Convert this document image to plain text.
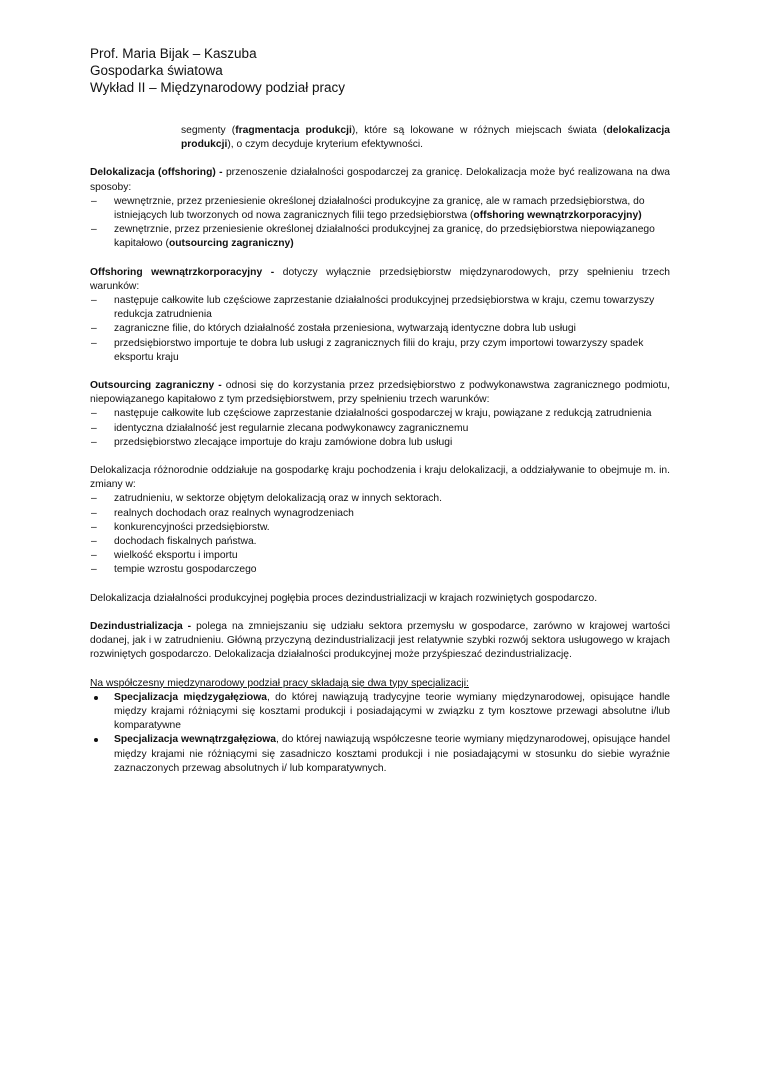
Prof. Maria Bijak – Kaszuba
Gospodarka światowa
Wykład II – Międzynarodowy podział pracy

segmenty (fragmentacja produkcji), które są lokowane w różnych miejscach świata (delokalizacja produkcji), o czym decyduje kryterium efektywności.

Delokalizacja (offshoring) - przenoszenie działalności gospodarczej za granicę. Delokalizacja może być realizowana na dwa sposoby:

– wewnętrznie, przez przeniesienie określonej działalności produkcyjne za granicę, ale w ramach przedsiębiorstwa, do istniejących lub tworzonych od nowa zagranicznych filii tego przedsiębiorstwa (offshoring wewnątrzkorporacyjny)
– zewnętrznie, przez przeniesienie określonej działalności produkcyjnej za granicę, do przedsiębiorstwa niepowiązanego kapitałowo (outsourcing zagraniczny)

Offshoring wewnątrzkorporacyjny - dotyczy wyłącznie przedsiębiorstw międzynarodowych, przy spełnieniu trzech warunków:

– następuje całkowite lub częściowe zaprzestanie działalności produkcyjnej przedsiębiorstwa w kraju, czemu towarzyszy redukcja zatrudnienia
– zagraniczne filie, do których działalność została przeniesiona, wytwarzają identyczne dobra lub usługi
– przedsiębiorstwo importuje te dobra lub usługi z zagranicznych filii do kraju, przy czym importowi towarzyszy spadek eksportu kraju

Outsourcing zagraniczny - odnosi się do korzystania przez przedsiębiorstwo z podwykonawstwa zagranicznego podmiotu, niepowiązanego kapitałowo z tym przedsiębiorstwem, przy spełnieniu trzech warunków:

– następuje całkowite lub częściowe zaprzestanie działalności gospodarczej w kraju, powiązane z redukcją zatrudnienia
– identyczna działalność jest regularnie zlecana podwykonawcy zagranicznemu
– przedsiębiorstwo zlecające importuje do kraju zamówione dobra lub usługi

Delokalizacja różnorodnie oddziałuje na gospodarkę kraju pochodzenia i kraju delokalizacji, a oddziaływanie to obejmuje m. in. zmiany w:

– zatrudnieniu, w sektorze objętym delokalizacją oraz w innych sektorach.
– realnych dochodach oraz realnych wynagrodzeniach
– konkurencyjności przedsiębiorstw.
– dochodach fiskalnych państwa.
– wielkość eksportu i importu
– tempie wzrostu gospodarczego

Delokalizacja działalności produkcyjnej pogłębia proces dezindustrializacji w krajach rozwiniętych gospodarczo.

Dezindustrializacja - polega na zmniejszaniu się udziału sektora przemysłu w gospodarce, zarówno w krajowej wartości dodanej, jak i w zatrudnieniu. Główną przyczyną dezindustrializacji jest relatywnie szybki rozwój sektora usługowego w krajach rozwiniętych gospodarczo. Delokalizacja działalności produkcyjnej może przyśpieszać dezindustrializację.

Na współczesny międzynarodowy podział pracy składają się dwa typy specjalizacji:

Specjalizacja międzygałęziowa, do której nawiązują tradycyjne teorie wymiany międzynarodowej, opisujące handle między krajami różniącymi się kosztami produkcji i posiadającymi w związku z tym kosztowe przewagi absolutne i/lub komparatywne
Specjalizacja wewnątrzgałęziowa, do której nawiązują współczesne teorie wymiany międzynarodowej, opisujące handel między krajami nie różniącymi się zasadniczo kosztami produkcji i nie posiadającymi w stosunku do siebie wyraźnie zaznaczonych przewag absolutnych i/ lub komparatywnych.
